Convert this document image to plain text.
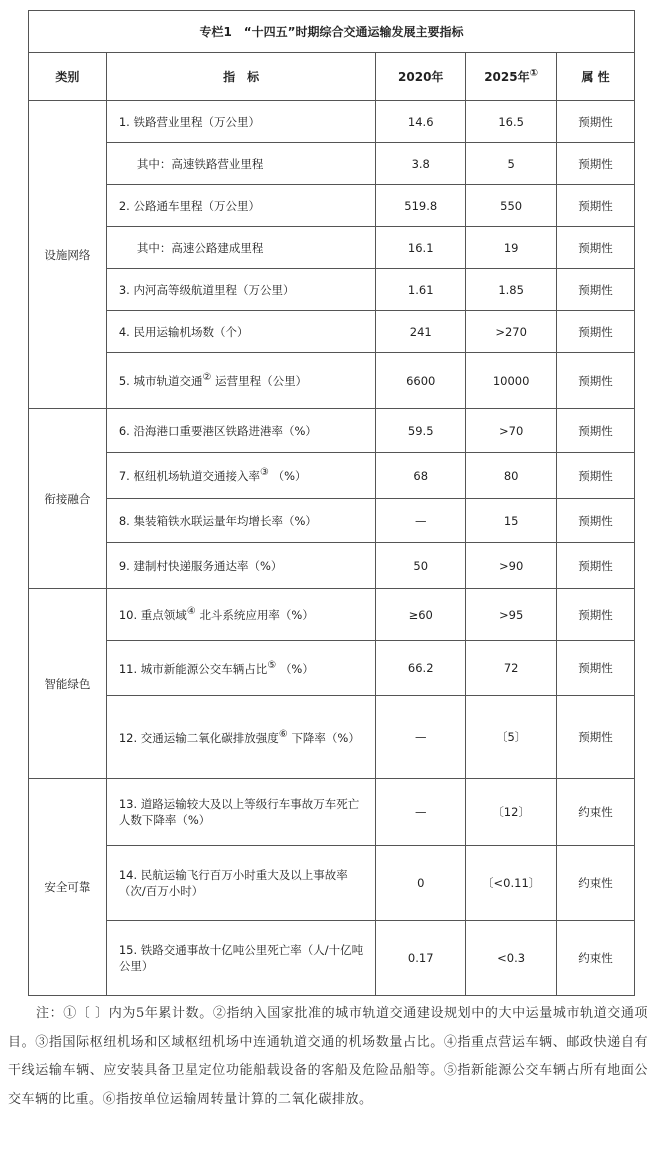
专栏1　“十四五”时期综合交通运输发展主要指标				
类别	指　标	2020年	2025年①	属 性
设施网络	1. 铁路营业里程（万公里）	14.6	16.5	预期性
	其中：高速铁路营业里程	3.8	5	预期性
	2. 公路通车里程（万公里）	519.8	550	预期性
	其中：高速公路建成里程	16.1	19	预期性
	3. 内河高等级航道里程（万公里）	1.61	1.85	预期性
	4. 民用运输机场数（个）	241	>270	预期性
	5. 城市轨道交通② 运营里程（公里）	6600	10000	预期性
衔接融合	6. 沿海港口重要港区铁路进港率（%）	59.5	>70	预期性
	7. 枢纽机场轨道交通接入率③ （%）	68	80	预期性
	8. 集装箱铁水联运量年均增长率（%）	—	15	预期性
	9. 建制村快递服务通达率（%）	50	>90	预期性
智能绿色	10. 重点领域④ 北斗系统应用率（%）	≥60	>95	预期性
	11. 城市新能源公交车辆占比⑤ （%）	66.2	72	预期性
	12. 交通运输二氧化碳排放强度⑥ 下降率（%）	—	〔5〕	预期性
安全可靠	13. 道路运输较大及以上等级行车事故万车死亡人数下降率（%）	—	〔12〕	约束性
	14. 民航运输飞行百万小时重大及以上事故率（次/百万小时）	0	〔<0.11〕	约束性
	15. 铁路交通事故十亿吨公里死亡率（人/十亿吨公里）	0.17	<0.3	约束性
注：①〔 〕内为5年累计数。②指纳入国家批准的城市轨道交通建设规划中的大中运量城市轨道交通项目。③指国际枢纽机场和区域枢纽机场中连通轨道交通的机场数量占比。④指重点营运车辆、邮政快递自有干线运输车辆、应安装具备卫星定位功能船载设备的客船及危险品船等。⑤指新能源公交车辆占所有地面公交车辆的比重。⑥指按单位运输周转量计算的二氧化碳排放。
